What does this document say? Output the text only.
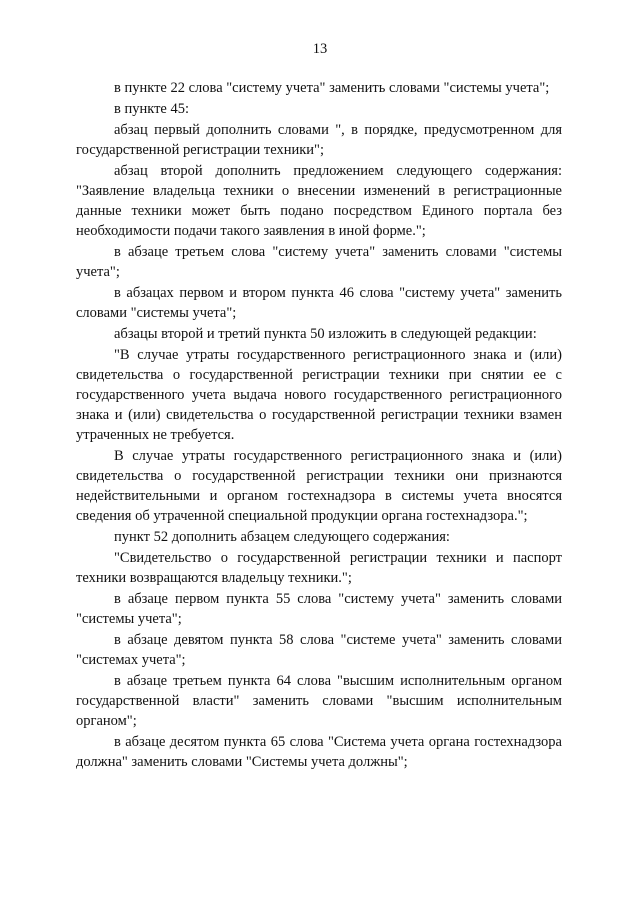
13

в пункте 22 слова "систему учета" заменить словами "системы учета";

в пункте 45:

абзац первый дополнить словами ", в порядке, предусмотренном для государственной регистрации техники";

абзац второй дополнить предложением следующего содержания: "Заявление владельца техники о внесении изменений в регистрационные данные техники может быть подано посредством Единого портала без необходимости подачи такого заявления в иной форме.";

в абзаце третьем слова "систему учета" заменить словами "системы учета";

в абзацах первом и втором пункта 46 слова "систему учета" заменить словами "системы учета";

абзацы второй и третий пункта 50 изложить в следующей редакции:

"В случае утраты государственного регистрационного знака и (или) свидетельства о государственной регистрации техники при снятии ее с государственного учета выдача нового государственного регистрационного знака и (или) свидетельства о государственной регистрации техники взамен утраченных не требуется.

В случае утраты государственного регистрационного знака и (или) свидетельства о государственной регистрации техники они признаются недействительными и органом гостехнадзора в системы учета вносятся сведения об утраченной специальной продукции органа гостехнадзора.";

пункт 52 дополнить абзацем следующего содержания:

"Свидетельство о государственной регистрации техники и паспорт техники возвращаются владельцу техники.";

в абзаце первом пункта 55 слова "систему учета" заменить словами "системы учета";

в абзаце девятом пункта 58 слова "системе учета" заменить словами "системах учета";

в абзаце третьем пункта 64 слова "высшим исполнительным органом государственной власти" заменить словами "высшим исполнительным органом";

в абзаце десятом пункта 65 слова "Система учета органа гостехнадзора должна" заменить словами "Системы учета должны";
